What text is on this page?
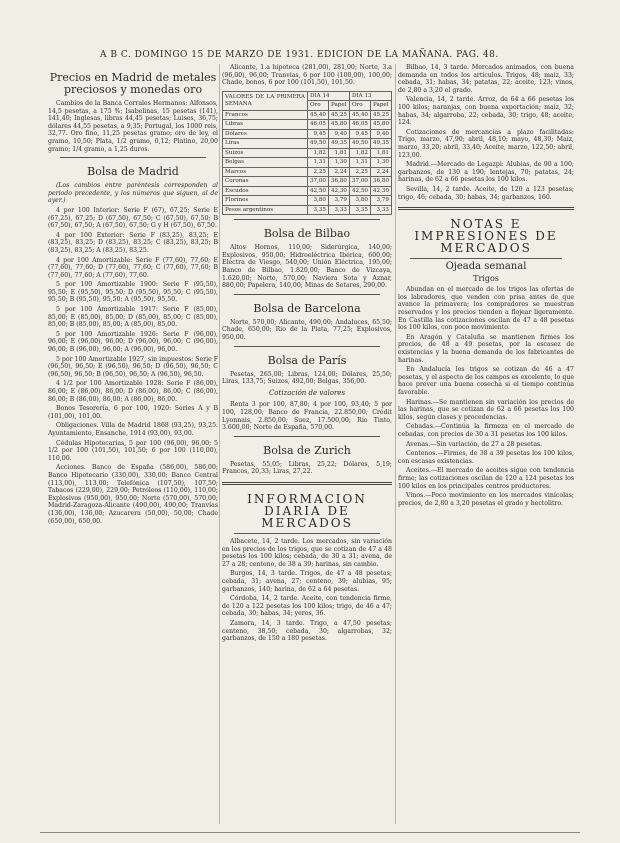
A B C. DOMINGO 15 DE MARZO DE 1931. EDICION DE LA MAÑANA. PAG. 48.
Precios en Madrid de metales preciosos y monedas oro
Cambios de la Banca Corrales Hermanos: Alfonsos, 14,5 pesetas, a 175 %; Isabelinas, 15 pesetas (141), 141,40; Inglesas, libras 44,45 pesetas; Luises, 36,75; dólares 44,55 pesetas, a 9,35; Portugal, los 1000 reis, 32,77. Oro fino, 11,25 pesetas gramo; oro de ley, el gramo, 10,50; Plata, 1/2 gramo, 0,12; Platino, 20,00 gramo; 1/4 gramo, a 1,25 duros.
Bolsa de Madrid
(Los cambios entre paréntesis corresponden al periodo precedente, y los números que siguen, al de ayer.)
4 por 100 Interior: Serie F (67), 67,25; Serie E (67,25), 67,25; D (67,50), 67,50; C (67,50), 67,50; B (67,50), 67,50; A (67,50), 67,50; G y H (67,50), 67,50.
4 por 100 Exterior: Serie F (83,25), 83,25; E (83,25), 83,25; D (83,25), 83,25; C (83,25), 83,25; B (83,25), 83,25; A (83,25), 83,25.
4 por 100 Amortizable: Serie F (77,60), 77,60; E (77,60), 77,60; D (77,60), 77,60; C (77,60), 77,60; B (77,60), 77,60; A (77,60), 77,60.
5 por 100 Amortizable 1900: Serie F (95,50), 95,50; E (95,50), 95,50; D (95,50), 95,50; C (95,50), 95,50; B (95,50), 95,50; A (95,50), 95,50.
5 por 100 Amortizable 1917: Serie F (85,00), 85,00; E (85,00), 85,00; D (85,00), 85,00; C (85,00), 85,00; B (85,00), 85,00; A (85,00), 85,00.
5 por 100 Amortizable 1926: Serie F (96,00), 96,00; E (96,00), 96,00; D (96,00), 96,00; C (96,00), 96,00; B (96,00), 96,00; A (96,00), 96,00.
5 por 100 Amortizable 1927, sin impuestos: Serie F (96,50), 96,50; E (96,50), 96,50; D (96,50), 96,50; C (96,50), 96,50; B (96,50), 96,50; A (96,50), 96,50.
4 1/2 por 100 Amortizable 1928: Serie F (86,00), 86,00; E (86,00), 86,00; D (86,00), 86,00; C (86,00), 86,00; B (86,00), 86,00; A (86,00), 86,00.
Bonos Tesorería, 6 por 100, 1920: Series A y B (101,00), 101,00.
Obligaciones. Villa de Madrid 1868 (93,25), 93,25. Ayuntamiento, Ensanche, 1914 (93,00), 93,00.
Cédulas Hipotecarias, 5 por 100 (96,00), 96,00; 5 1/2 por 100 (101,50), 101,50; 6 por 100 (110,00), 110,00.
Acciones. Banco de España (586,00), 586,00; Banco Hipotecario (330,00), 330,00; Banco Central (113,00), 113,00; Telefónica (107,50), 107,50; Tabacos (229,00), 229,00; Petróleos (110,00), 110,00; Explosivos (950,00), 950,00; Norte (570,00), 570,00; Madrid-Zaragoza-Alicante (490,00), 490,00; Tranvías (136,00), 136,00; Azucarera (50,00), 50,00; Chade (650,00), 650,00.
Alicante, 1.a hipoteca (281,00), 281,00; Norte, 3.a (96,00), 96,00; Tranvías, 6 por 100 (100,00), 100,00; Chade, bonos, 6 por 100 (101,50), 101,50.
VALORES DE LA PRIMERA SEMANA	DIA 14		DIA 13	
	Oro	Papel	Oro	Papel
Francos	45,40	45,25	45,40	45,25
Libras	46,05	45,80	46,05	45,80
Dólares	9,45	9,40	9,45	9,40
Liras	49,50	49,35	49,50	49,35
Suizos	1,82	1,81	1,82	1,81
Belgas	1,31	1,30	1,31	1,30
Marcos	2,25	2,24	2,25	2,24
Coronas	37,00	36,80	37,00	36,80
Escudos	42,50	42,30	42,50	42,30
Florines	3,80	3,79	3,80	3,79
Pesos argentinos	3,35	3,33	3,35	3,33
Bolsa de Bilbao
Altos Hornos, 110,00; Siderúrgica, 140,00; Explosivos, 950,00; Hidroeléctrica Ibérica, 600,00; Electra de Viesgo, 540,00; Unión Eléctrica, 195,00; Banco de Bilbao, 1.820,00; Banco de Vizcaya, 1.620,00; Norte, 570,00; Naviera Sota y Aznar, 880,00; Papelera, 140,00; Minas de Setares, 290,00.
Bolsa de Barcelona
Norte, 570,00; Alicante, 490,00; Andaluces, 65,50; Chade, 650,00; Rio de la Plata, 77,25; Explosivos, 950,00.
Bolsa de París
Pesetas, 265,00; Libras, 124,00; Dólares, 25,50; Liras, 133,75; Suizos, 492,00; Belgas, 356,00.
Cotización de valores
Renta 3 por 100, 87,80; 4 por 100, 93,40; 5 por 100, 128,00; Banco de Francia, 22.850,00; Crédit Lyonnais, 2.850,00; Suez, 17.500,00; Río Tinto, 3.600,00; Norte de España, 570,00.
Bolsa de Zurich
Pesetas, 55,05; Libras, 25,22; Dólares, 5,19; Francos, 20,33; Liras, 27,22.
INFORMACION DIARIA DE MERCADOS
Albacete, 14, 2 tarde. Los mercados, sin variación en los precios de los trigos, que se cotizan de 47 a 48 pesetas los 100 kilos; cebada, de 30 a 31; avena, de 27 a 28; centeno, de 38 a 39; harinas, sin cambio.
Burgos, 14, 3 tarde. Trigos, de 47 a 48 pesetas; cebada, 31; avena, 27; centeno, 39; alubias, 95; garbanzos, 140; harina, de 62 a 64 pesetas.
Córdoba, 14, 2 tarde. Aceite, con tendencia firme, de 120 a 122 pesetas los 100 kilos; trigo, de 46 a 47; cebada, 30; habas, 34; yeros, 36.
Zamora, 14, 3 tarde. Trigo, a 47,50 pesetas; centeno, 38,50; cebada, 30; algarrobas, 32; garbanzos, de 150 a 180 pesetas.
Bilbao, 14, 3 tarde. Mercados animados, con buena demanda en todos los artículos. Trigos, 48; maíz, 33; cebada, 31; habas, 34; patatas, 22; aceite, 123; vinos, de 2,80 a 3,20 el grado.
Valencia, 14, 2 tarde. Arroz, de 64 a 66 pesetas los 100 kilos; naranjas, con buena exportación; maíz, 32; habas, 34; algarroba, 22; cebada, 30; trigo, 48; aceite, 124.
Cotizaciones de mercancías a plazo facilitadas: Trigo, marzo, 47,90; abril, 48,10; mayo, 48,30; Maíz, marzo, 33,20; abril, 33,40; Aceite, marzo, 122,50; abril, 123,00.
Madrid.—Mercado de Legazpi: Alubias, de 90 a 100; garbanzos, de 130 a 190; lentejas, 70; patatas, 24; harinas, de 62 a 66 pesetas los 100 kilos.
Sevilla, 14, 2 tarde. Aceite, de 120 a 123 pesetas; trigo, 46; cebada, 30; habas, 34; garbanzos, 160.
NOTAS E IMPRESIONES DE MERCADOS
Ojeada semanal
Trigos
Abundan en el mercado de los trigos las ofertas de los labradores, que venden con prisa antes de que avance la primavera; los compradores se muestran reservados y los precios tienden a flojear ligeramente. En Castilla las cotizaciones oscilan de 47 a 48 pesetas los 100 kilos, con poco movimiento.
En Aragón y Cataluña se mantienen firmes los precios, de 48 a 49 pesetas, por la escasez de existencias y la buena demanda de los fabricantes de harinas.
En Andalucía los trigos se cotizan de 46 a 47 pesetas, y el aspecto de los campos es excelente, lo que hace prever una buena cosecha si el tiempo continúa favorable.
Harinas.—Se mantienen sin variación los precios de las harinas, que se cotizan de 62 a 66 pesetas los 100 kilos, según clases y procedencias.
Cebadas.—Continúa la firmeza en el mercado de cebadas, con precios de 30 a 31 pesetas los 100 kilos.
Avenas.—Sin variación, de 27 a 28 pesetas.
Centenos.—Firmes, de 38 a 39 pesetas los 100 kilos, con escasas existencias.
Aceites.—El mercado de aceites sigue con tendencia firme; las cotizaciones oscilan de 120 a 124 pesetas los 100 kilos en los principales centros productores.
Vinos.—Poco movimiento en los mercados vinícolas; precios, de 2,80 a 3,20 pesetas el grado y hectolitro.
